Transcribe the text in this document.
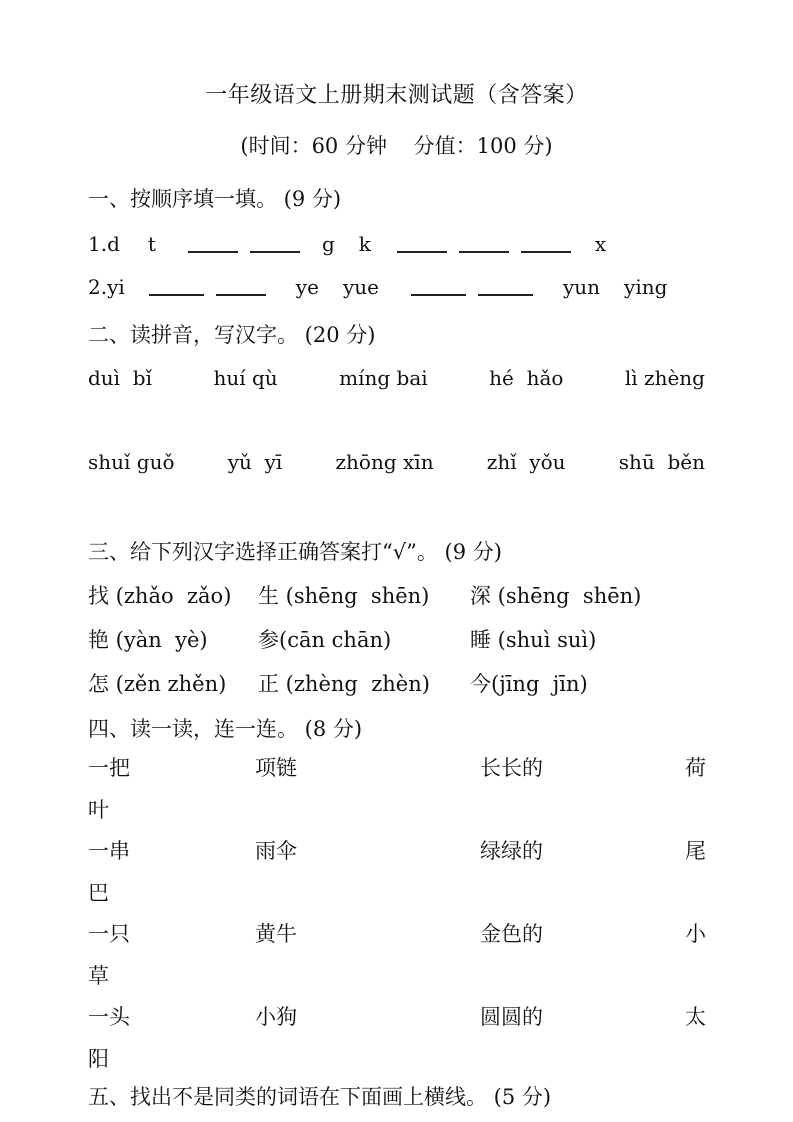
一年级语文上册期末测试题（含答案）
(时间：60 分钟    分值：100 分)
一、按顺序填一填。 (9 分)
1.d t	g k	x
2.yi	ye yue	yun ying
二、读拼音，写汉字。 (20 分)
duì  bǐ	huí qù	míng bai	hé  hǎo	lì zhèng
shuǐ guǒ	yǔ  yī	zhōng xīn	zhǐ  yǒu	shū  běn
三、给下列汉字选择正确答案打“√”。 (9 分)
找 (zhǎo  zǎo)	生 (shēng  shēn)	深 (shēng  shēn)
艳 (yàn  yè)	参(cān chān)	睡 (shuì suì)
怎 (zěn zhěn)	正 (zhèng  zhèn)	今(jīng  jīn)
四、读一读，连一连。 (8 分)
一把	项链	长长的	荷
叶
一串	雨伞	绿绿的	尾
巴
一只	黄牛	金色的	小
草
一头	小狗	圆圆的	太
阳
五、找出不是同类的词语在下面画上横线。 (5 分)
